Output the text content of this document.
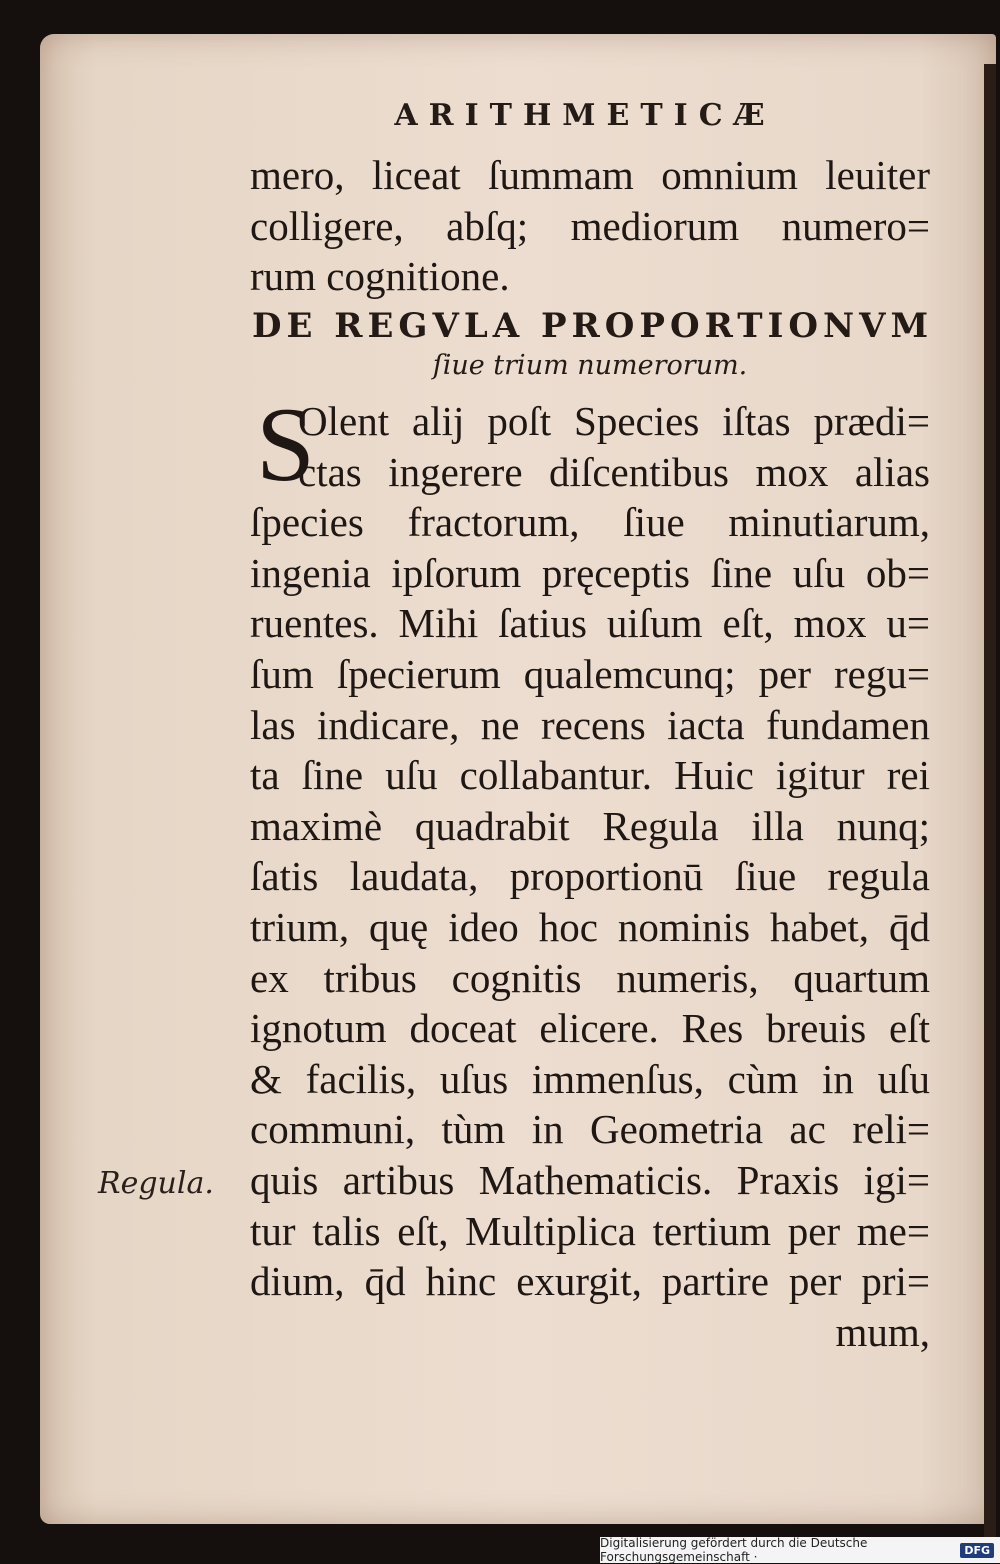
ARITHMETICÆ
mero, liceat ſummam omnium leuiter
colligere, abſq; mediorum numero=
rum cognitione.
DE REGVLA PROPORTIONVM
ſiue trium numerorum.
S
Olent alij poſt Species iſtas prædi=
ctas ingerere diſcentibus mox alias
ſpecies fractorum, ſiue minutiarum,
ingenia ipſorum pręceptis ſine uſu ob=
ruentes. Mihi ſatius uiſum eſt, mox u=
ſum ſpecierum qualemcunq; per regu=
las indicare, ne recens iacta fundamen
ta ſine uſu collabantur. Huic igitur rei
maximè quadrabit Regula illa nunq;
ſatis laudata, proportionū ſiue regula
trium, quę ideo hoc nominis habet, q̄d
ex tribus cognitis numeris, quartum
ignotum doceat elicere. Res breuis eſt
& facilis, uſus immenſus, cùm in uſu
communi, tùm in Geometria ac reli=
quis artibus Mathematicis. Praxis igi=
tur talis eſt, Multiplica tertium per me=
dium, q̄d hinc exurgit, partire per pri=
mum,
Regula.
Digitalisierung gefördert durch die Deutsche Forschungsgemeinschaft ·	DFG
